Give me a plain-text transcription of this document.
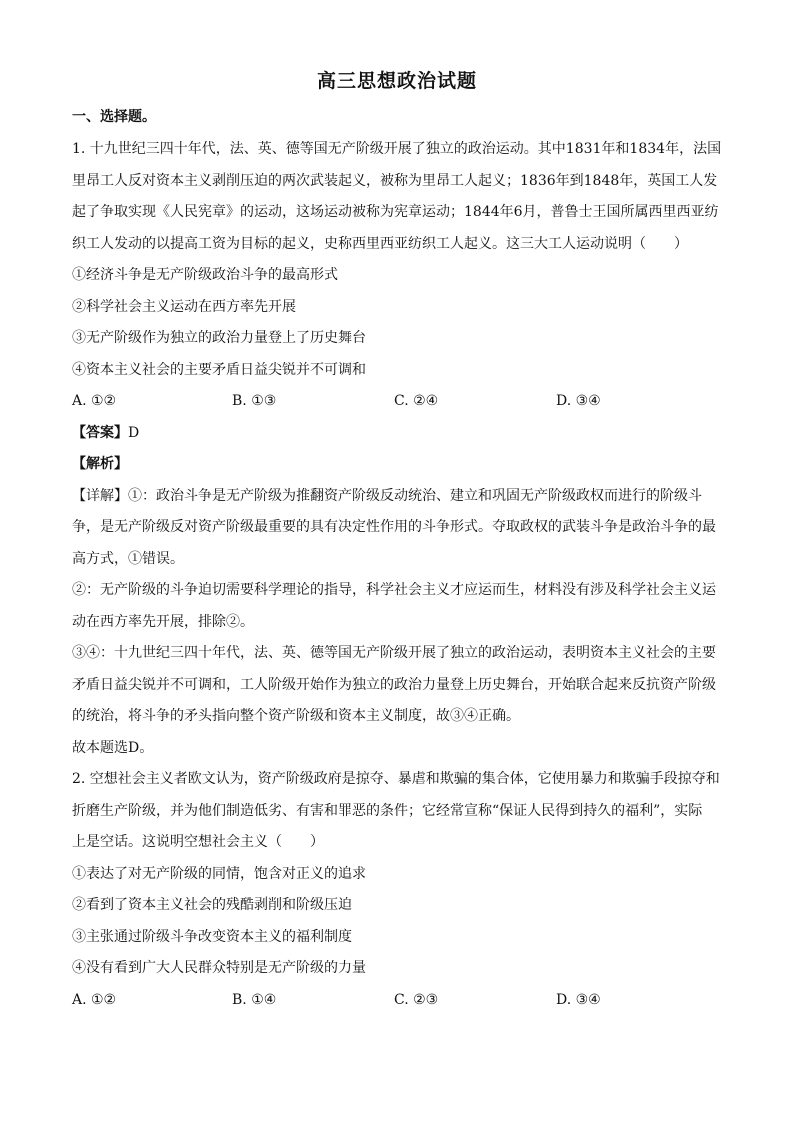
高三思想政治试题
一、选择题。
1. 十九世纪三四十年代，法、英、德等国无产阶级开展了独立的政治运动。其中1831年和1834年，法国
里昂工人反对资本主义剥削压迫的两次武装起义，被称为里昂工人起义；1836年到1848年，英国工人发
起了争取实现《人民宪章》的运动，这场运动被称为宪章运动；1844年6月，普鲁士王国所属西里西亚纺
织工人发动的以提高工资为目标的起义，史称西里西亚纺织工人起义。这三大工人运动说明（　　）
①经济斗争是无产阶级政治斗争的最高形式
②科学社会主义运动在西方率先开展
③无产阶级作为独立的政治力量登上了历史舞台
④资本主义社会的主要矛盾日益尖锐并不可调和
A. ①②	B. ①③	C. ②④	D. ③④
【答案】D
【解析】
【详解】①：政治斗争是无产阶级为推翻资产阶级反动统治、建立和巩固无产阶级政权而进行的阶级斗
争，是无产阶级反对资产阶级最重要的具有决定性作用的斗争形式。夺取政权的武装斗争是政治斗争的最
高方式，①错误。
②：无产阶级的斗争迫切需要科学理论的指导，科学社会主义才应运而生，材料没有涉及科学社会主义运
动在西方率先开展，排除②。
③④：十九世纪三四十年代，法、英、德等国无产阶级开展了独立的政治运动，表明资本主义社会的主要
矛盾日益尖锐并不可调和，工人阶级开始作为独立的政治力量登上历史舞台，开始联合起来反抗资产阶级
的统治，将斗争的矛头指向整个资产阶级和资本主义制度，故③④正确。
故本题选D。
2. 空想社会主义者欧文认为，资产阶级政府是掠夺、暴虐和欺骗的集合体，它使用暴力和欺骗手段掠夺和
折磨生产阶级，并为他们制造低劣、有害和罪恶的条件；它经常宣称“保证人民得到持久的福利”，实际
上是空话。这说明空想社会主义（　　）
①表达了对无产阶级的同情，饱含对正义的追求
②看到了资本主义社会的残酷剥削和阶级压迫
③主张通过阶级斗争改变资本主义的福利制度
④没有看到广大人民群众特别是无产阶级的力量
A. ①②	B. ①④	C. ②③	D. ③④
